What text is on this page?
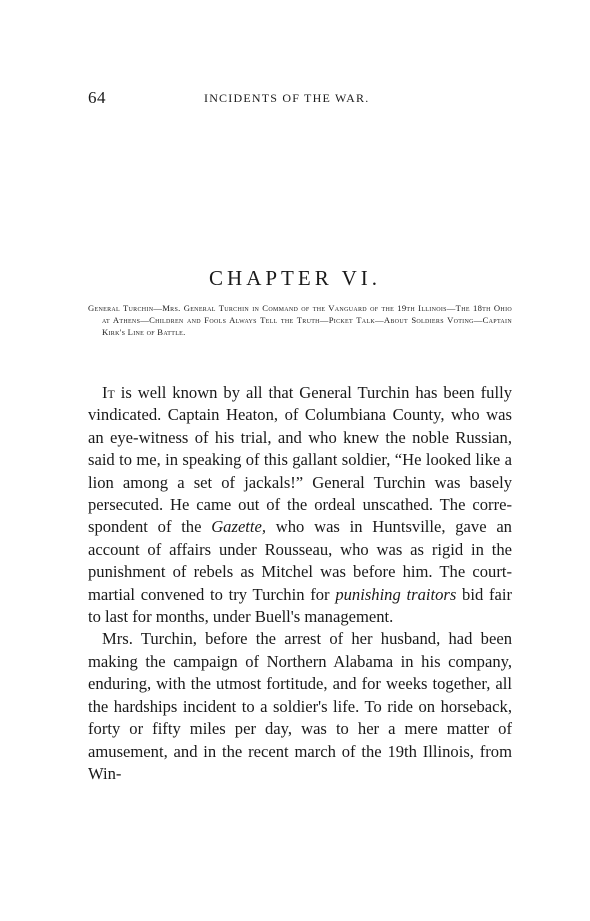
64	INCIDENTS OF THE WAR.
CHAPTER VI.
General Turchin—Mrs. General Turchin in Command of the Vanguard of the 19th Illinois—The 18th Ohio at Athens—Children and Fools Always Tell the Truth—Picket Talk—About Soldiers Voting—Captain Kirk's Line of Battle.

It is well known by all that General Turchin has been fully vindicated. Captain Heaton, of Columbiana County, who was an eye-witness of his trial, and who knew the noble Russian, said to me, in speaking of this gallant soldier, “He looked like a lion among a set of jackals!” General Turchin was basely persecuted. He came out of the ordeal unscathed. The correspondent of the Gazette, who was in Huntsville, gave an account of affairs under Rousseau, who was as rigid in the punishment of rebels as Mitchel was before him. The court-martial convened to try Turchin for punishing traitors bid fair to last for months, under Buell's management.

Mrs. Turchin, before the arrest of her husband, had been making the campaign of Northern Alabama in his company, enduring, with the utmost fortitude, and for weeks together, all the hardships incident to a soldier's life. To ride on horseback, forty or fifty miles per day, was to her a mere matter of amusement, and in the recent march of the 19th Illinois, from Win-
